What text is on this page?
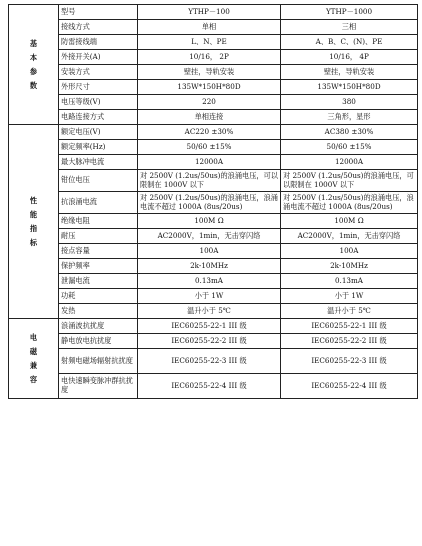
基本参数	型号	YTHP－100	YTHP－1000
	接线方式	单相	三相
	防雷接线端	L、N、PE	A、B、C、(N)、PE
	外接开关(A)	10/16， 2P	10/16， 4P
	安装方式	壁挂，导轨安装	壁挂，导轨安装
	外形尺寸	135W*150H*80D	135W*150H*80D
	电压等级(V)	220	380
	电路连接方式	单相连接	三角形，星形

性能指标	额定电压(V)	AC220 ±30%	AC380 ±30%
	额定频率(Hz)	50/60 ±15%	50/60 ±15%
	最大脉冲电流	12000A	12000A
	钳位电压	对 2500V (1.2us/50us)的浪涌电压，可以限制在 1000V 以下	对 2500V (1.2us/50us)的浪涌电压，可以限制在 1000V 以下
	抗浪涌电流	对 2500V (1.2us/50us)的浪涌电压，浪涌电流不超过 1000A (8us/20us)	对 2500V (1.2us/50us)的浪涌电压，浪涌电流不超过 1000A (8us/20us)
	绝缘电阻	100M Ω	100M Ω
	耐压	AC2000V，1min，无击穿闪络	AC2000V，1min，无击穿闪络
	接点容量	100A	100A
	保护频率	2k-10MHz	2k-10MHz
	泄漏电流	0.13mA	0.13mA
	功耗	小于 1W	小于 1W
	发热	温升小于 5℃	温升小于 5℃

电磁兼容	浪涌波抗扰度	IEC60255-22-1 III 级	IEC60255-22-1 III 级
	静电放电抗扰度	IEC60255-22-2 III 级	IEC60255-22-2 III 级
	射频电磁场辐射抗扰度	IEC60255-22-3 III 级	IEC60255-22-3 III 级
	电快速瞬变脉冲群抗扰度	IEC60255-22-4 III 级	IEC60255-22-4 III 级
